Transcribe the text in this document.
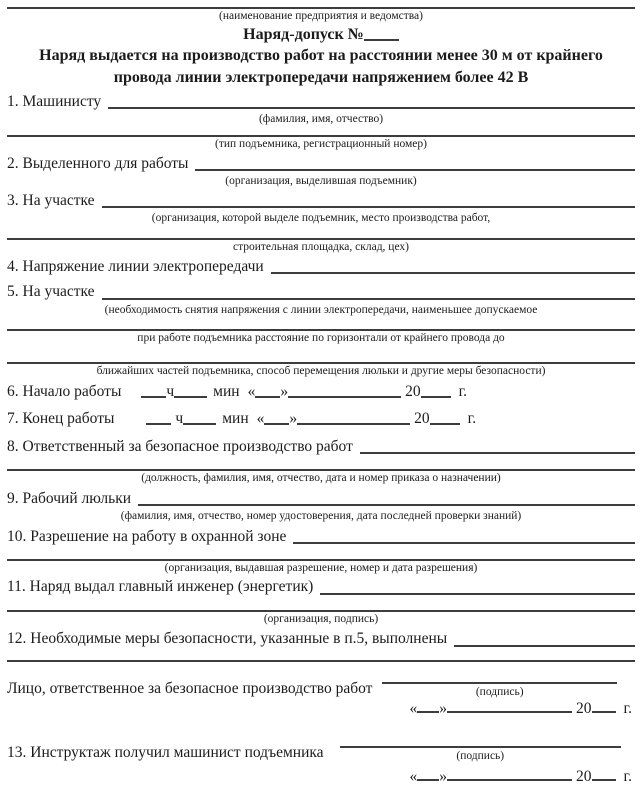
(наименование предприятия и ведомства)
Наряд-допуск №
Наряд выдается на производство работ на расстоянии менее 30 м от крайнего
провода линии электропередачи напряжением более 42 В
1. Машинисту
(фамилия, имя, отчество)
(тип подъемника, регистрационный номер)
2. Выделенного для работы
(организация, выделившая подъемник)
3. На участке
(организация, которой выделе подъемник, место производства работ,
строительная площадка, склад, цех)
4. Напряжение линии электропередачи
5. На участке
(необходимость снятия напряжения с линии электропередачи, наименьшее допускаемое
при работе подъемника расстояние по горизонтали от крайнего провода до
ближайших частей подъемника, способ перемещения люльки и другие меры безопасности)
6. Начало работы	ч	мин « »	20 г.
7. Конец работы	ч	мин « »	20 г.
8. Ответственный за безопасное производство работ
(должность, фамилия, имя, отчество, дата и номер приказа о назначении)
9. Рабочий люльки
(фамилия, имя, отчество, номер удостоверения, дата последней проверки знаний)
10. Разрешение на работу в охранной зоне
(организация, выдавшая разрешение, номер и дата разрешения)
11. Наряд выдал главный инженер (энергетик)
(организация, подпись)
12. Необходимые меры безопасности, указанные в п.5, выполнены
Лицо, ответственное за безопасное производство работ	(подпись)
« »	20 г.
13. Инструктаж получил машинист подъемника	(подпись)
« »	20 г.
